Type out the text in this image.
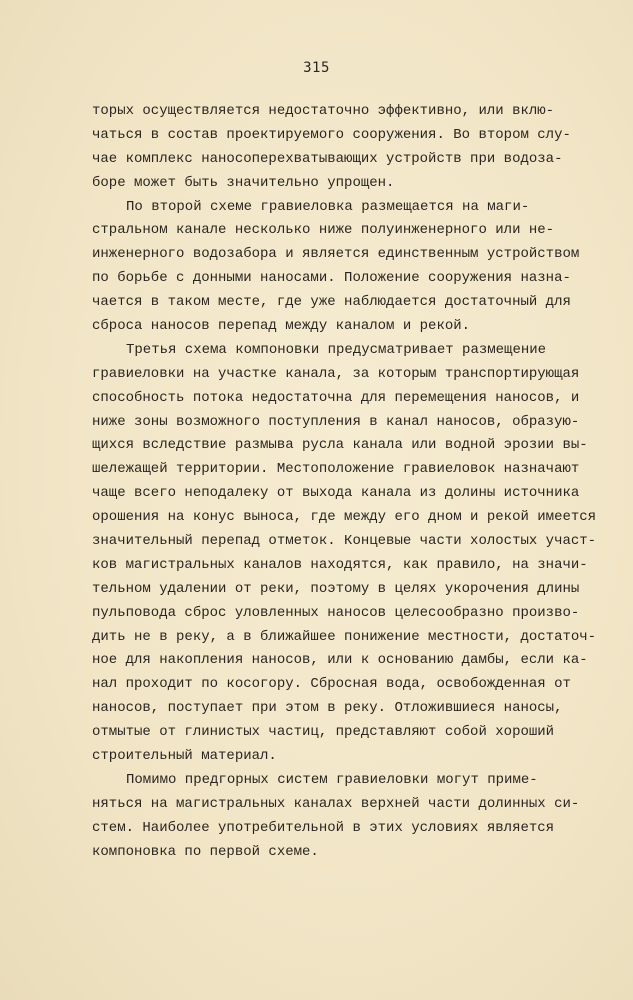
315
торых осуществляется недостаточно эффективно, или вклю-
чаться в состав проектируемого сооружения. Во втором слу-
чае комплекс наносоперехватывающих устройств при водоза-
боре может быть значительно упрощен.
По второй схеме гравиеловка размещается на маги-
стральном канале несколько ниже полуинженерного или не-
инженерного водозабора и является единственным устройством
по борьбе с донными наносами. Положение сооружения назна-
чается в таком месте, где уже наблюдается достаточный для
сброса наносов перепад между каналом и рекой.
Третья схема компоновки предусматривает размещение
гравиеловки на участке канала, за которым транспортирующая
способность потока недостаточна для перемещения наносов, и
ниже зоны возможного поступления в канал наносов, образую-
щихся вследствие размыва русла канала или водной эрозии вы-
шележащей территории. Местоположение гравиеловок назначают
чаще всего неподалеку от выхода канала из долины источника
орошения на конус выноса, где между его дном и рекой имеется
значительный перепад отметок. Концевые части холостых участ-
ков магистральных каналов находятся, как правило, на значи-
тельном удалении от реки, поэтому в целях укорочения длины
пульповода сброс уловленных наносов целесообразно произво-
дить не в реку, а в ближайшее понижение местности, достаточ-
ное для накопления наносов, или к основанию дамбы, если ка-
нал проходит по косогору. Сбросная вода, освобожденная от
наносов, поступает при этом в реку. Отложившиеся наносы,
отмытые от глинистых частиц, представляют собой хороший
строительный материал.
Помимо предгорных систем гравиеловки могут приме-
няться на магистральных каналах верхней части долинных си-
стем. Наиболее употребительной в этих условиях является
компоновка по первой схеме.
